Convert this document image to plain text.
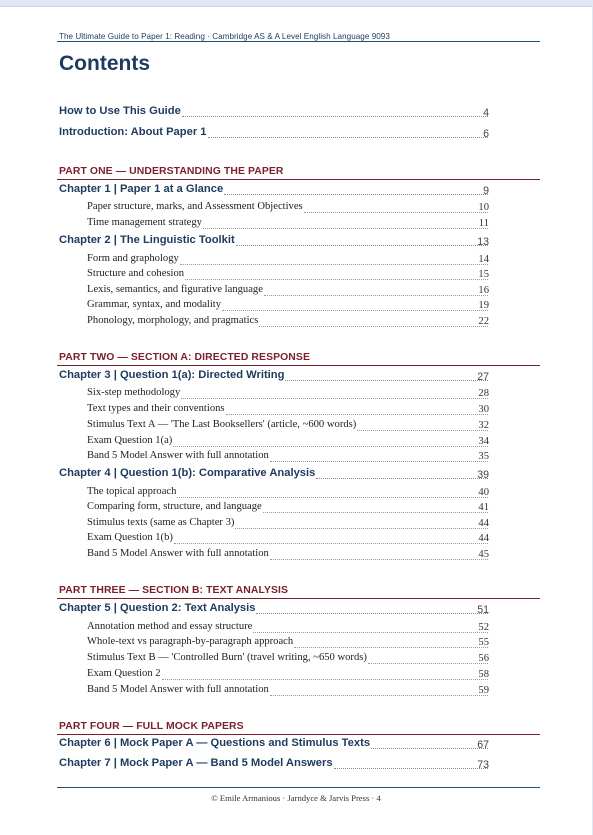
The Ultimate Guide to Paper 1: Reading · Cambridge AS & A Level English Language 9093
Contents
How to Use This Guide	4
Introduction: About Paper 1	6
PART ONE — UNDERSTANDING THE PAPER
Chapter 1 | Paper 1 at a Glance	9
Paper structure, marks, and Assessment Objectives	10
Time management strategy	11
Chapter 2 | The Linguistic Toolkit	13
Form and graphology	14
Structure and cohesion	15
Lexis, semantics, and figurative language	16
Grammar, syntax, and modality	19
Phonology, morphology, and pragmatics	22
PART TWO — SECTION A: DIRECTED RESPONSE
Chapter 3 | Question 1(a): Directed Writing	27
Six-step methodology	28
Text types and their conventions	30
Stimulus Text A — 'The Last Booksellers' (article, ~600 words)	32
Exam Question 1(a)	34
Band 5 Model Answer with full annotation	35
Chapter 4 | Question 1(b): Comparative Analysis	39
The topical approach	40
Comparing form, structure, and language	41
Stimulus texts (same as Chapter 3)	44
Exam Question 1(b)	44
Band 5 Model Answer with full annotation	45
PART THREE — SECTION B: TEXT ANALYSIS
Chapter 5 | Question 2: Text Analysis	51
Annotation method and essay structure	52
Whole-text vs paragraph-by-paragraph approach	55
Stimulus Text B — 'Controlled Burn' (travel writing, ~650 words)	56
Exam Question 2	58
Band 5 Model Answer with full annotation	59
PART FOUR — FULL MOCK PAPERS
Chapter 6 | Mock Paper A — Questions and Stimulus Texts	67
Chapter 7 | Mock Paper A — Band 5 Model Answers	73
© Emile Armanious · Jarndyce & Jarvis Press · 4
